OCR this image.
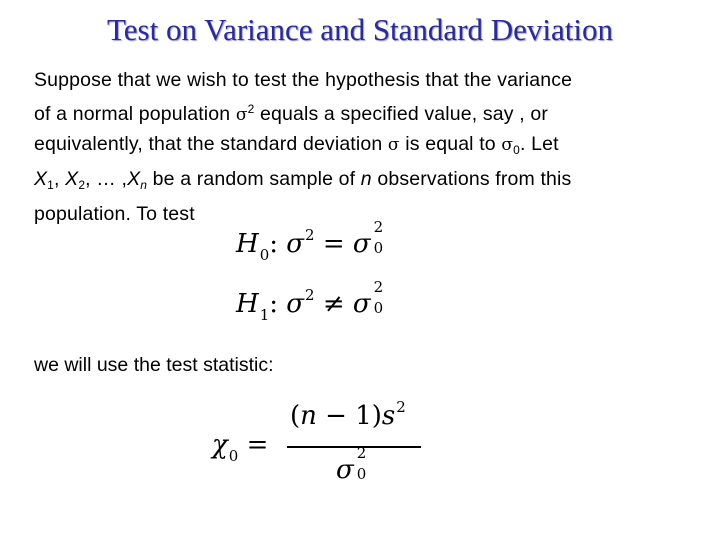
Test on Variance and Standard Deviation
Suppose that we wish to test the hypothesis that the variance
of a normal population $\sigma^2$ equals a specified value, say , or
equivalently, that the standard deviation σ is equal to $\sigma_0$. Let
$X_1$, $X_2$, … $,X_n$ be a random sample of n observations from this
population. To test
$H_0$: $\sigma^2 = \sigma$
2
0
$H_1$: $\sigma^2 \ne \sigma$
2
0
we will use the test statistic:
$\chi_0$ =
$(n - 1)s^2$
σ
2
0
